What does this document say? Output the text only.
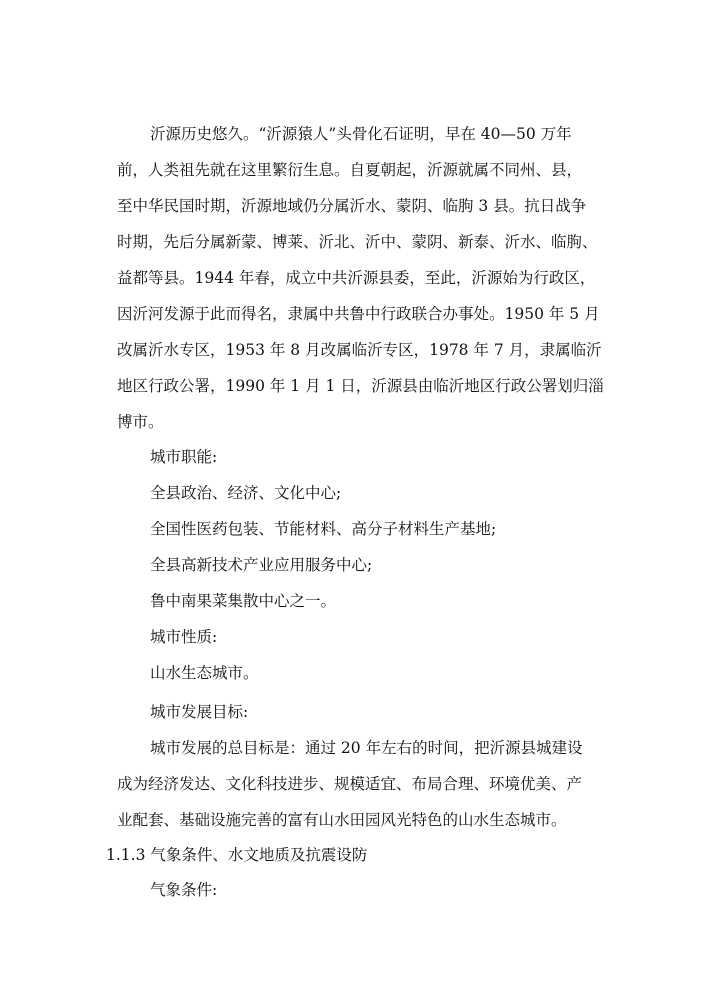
沂源历史悠久。“沂源猿人”头骨化石证明，早在 40—50 万年
前，人类祖先就在这里繁衍生息。自夏朝起，沂源就属不同州、县，
至中华民国时期，沂源地域仍分属沂水、蒙阴、临朐 3 县。抗日战争
时期，先后分属新蒙、博莱、沂北、沂中、蒙阴、新泰、沂水、临朐、
益都等县。1944 年春，成立中共沂源县委，至此，沂源始为行政区，
因沂河发源于此而得名，隶属中共鲁中行政联合办事处。1950 年 5 月
改属沂水专区，1953 年 8 月改属临沂专区，1978 年 7 月，隶属临沂
地区行政公署，1990 年 1 月 1 日，沂源县由临沂地区行政公署划归淄
博市。
城市职能:
全县政治、经济、文化中心;
全国性医药包装、节能材料、高分子材料生产基地;
全县高新技术产业应用服务中心;
鲁中南果菜集散中心之一。
城市性质:
山水生态城市。
城市发展目标:
城市发展的总目标是：通过 20 年左右的时间，把沂源县城建设
成为经济发达、文化科技进步、规模适宜、布局合理、环境优美、产
业配套、基础设施完善的富有山水田园风光特色的山水生态城市。
1.1.3 气象条件、水文地质及抗震设防
气象条件:
